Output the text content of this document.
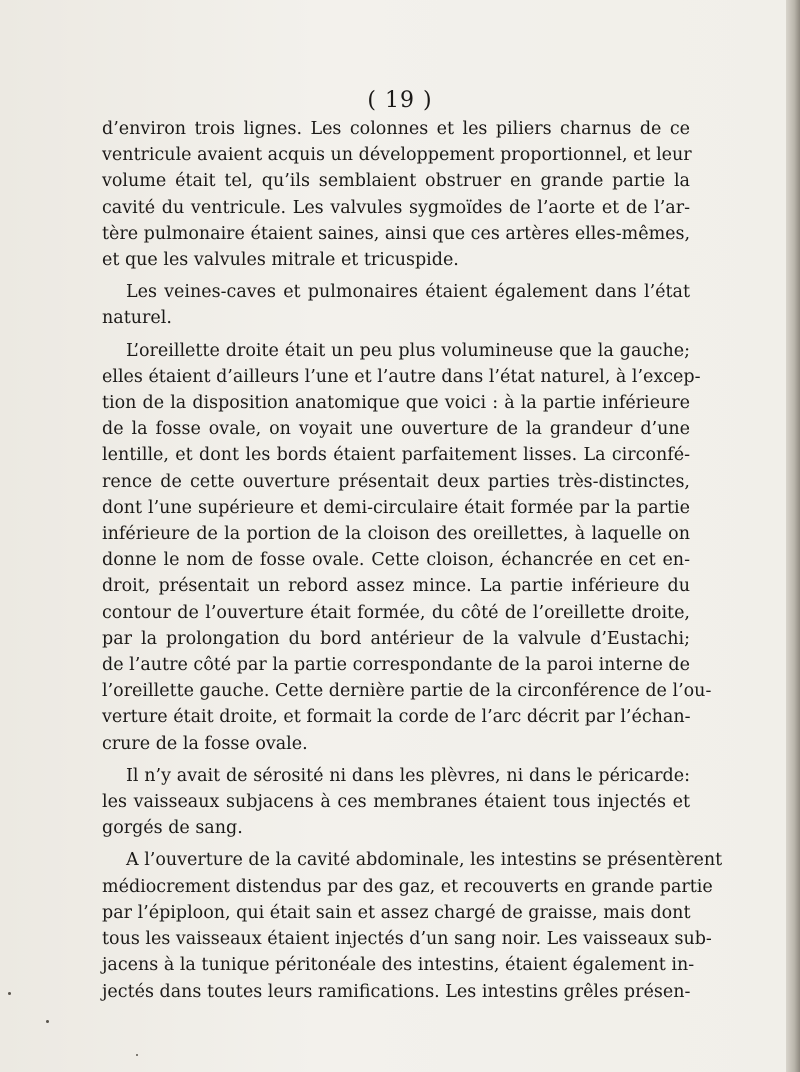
( 19 )
d’environ trois lignes. Les colonnes et les piliers charnus de ce
ventricule avaient acquis un développement proportionnel, et leur
volume était tel, qu’ils semblaient obstruer en grande partie la
cavité du ventricule. Les valvules sygmoïdes de l’aorte et de l’ar-
tère pulmonaire étaient saines, ainsi que ces artères elles-mêmes,
et que les valvules mitrale et tricuspide.
Les veines-caves et pulmonaires étaient également dans l’état
naturel.
L’oreillette droite était un peu plus volumineuse que la gauche;
elles étaient d’ailleurs l’une et l’autre dans l’état naturel, à l’excep-
tion de la disposition anatomique que voici : à la partie inférieure
de la fosse ovale, on voyait une ouverture de la grandeur d’une
lentille, et dont les bords étaient parfaitement lisses. La circonfé-
rence de cette ouverture présentait deux parties très-distinctes,
dont l’une supérieure et demi-circulaire était formée par la partie
inférieure de la portion de la cloison des oreillettes, à laquelle on
donne le nom de fosse ovale. Cette cloison, échancrée en cet en-
droit, présentait un rebord assez mince. La partie inférieure du
contour de l’ouverture était formée, du côté de l’oreillette droite,
par la prolongation du bord antérieur de la valvule d’Eustachi;
de l’autre côté par la partie correspondante de la paroi interne de
l’oreillette gauche. Cette dernière partie de la circonférence de l’ou-
verture était droite, et formait la corde de l’arc décrit par l’échan-
crure de la fosse ovale.
Il n’y avait de sérosité ni dans les plèvres, ni dans le péricarde:
les vaisseaux subjacens à ces membranes étaient tous injectés et
gorgés de sang.
A l’ouverture de la cavité abdominale, les intestins se présentèrent
médiocrement distendus par des gaz, et recouverts en grande partie
par l’épiploon, qui était sain et assez chargé de graisse, mais dont
tous les vaisseaux étaient injectés d’un sang noir. Les vaisseaux sub-
jacens à la tunique péritonéale des intestins, étaient également in-
jectés dans toutes leurs ramifications. Les intestins grêles présen-
